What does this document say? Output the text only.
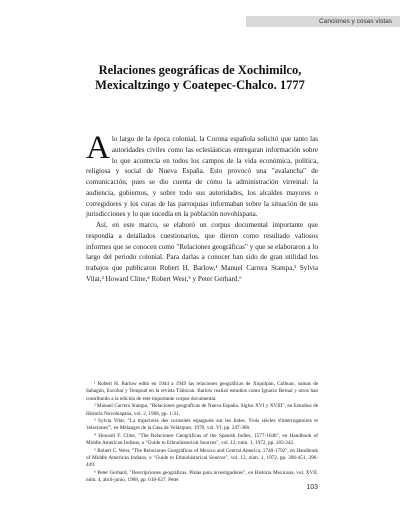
Canciones y cosas vistas
Relaciones geográficas de Xochimilco,
Mexicaltzingo y Coatepec-Chalco. 1777

Alo largo de la época colonial, la Corona española solicitó que tanto las autoridades civiles como las eclesiásticas entregaran información sobre lo que acontecía en todos los campos de la vida económica, política, religiosa y social de Nueva España. Esto provocó una "avalancha" de comunicación, pues se dio cuenta de cómo la administración virreinal: la audiencia, gobiernos, y sobre todo sus autoridades, los alcaldes mayores o corregidores y los curas de las parroquias informaban sobre la situación de sus jurisdicciones y lo que sucedía en la población novohispana.

Así, en este marco, se elaboró un corpus documental importante que respondía a detallados cuestionarios, que dieron como resultado valiosos informes que se conocen como "Relaciones geográficas" y que se elaboraron a lo largo del periodo colonial. Para darlas a conocer han sido de gran utilidad los trabajos que publicaron Robert H. Barlow,¹ Manuel Carrera Stampa,² Sylvia Vilar,³ Howard Cline,⁴ Robert West,⁵ y Peter Gerhard.⁶

¹ Robert H. Barlow editó en 1944 a 1949 las relaciones geográficas de Xiquilpan, Culhuac, sumas de Sahagún, Escobar y Tempoal en la revista Tlalocan. Barlow realizó estudios como Ignacio Bernal y otros han contribuido a la edición de este importante corpus documental.

² Manuel Carrera Stampa, "Relaciones geográficas de Nueva España. Siglos XVI y XVIII", en Estudios de Historia Novohispana, vol. 2, 1968, pp. 1-31.

³ Sylvia Vilar, "La trajectoire des curiosités espagnole sur les Indes. Trois siècles d'interrogatoires et 'relaciones'", en Mélanges de la Casa de Velázquez, 1970, vol. VI, pp. 247-306.

⁴ Howard F. Cline, "The Relaciones Geográficas of the Spanish Indies, 1577-1648", en Handbook of Middle American Indians, o "Guide to Ethnohistorical Sources", vol. 12, núm. 1, 1972, pp. 183-242.

⁵ Robert C. West, "The Relaciones Geográficas of Mexico and Central America, 1740-1792", en Handbook of Middle American Indians, o "Guide to Ethnohistorical Sources", vol. 12, núm. 1, 1972, pp. 396-451, 396-449.

⁶ Peter Gerhard, "Descripciones geográficas. Pistas para investigadores", en Historia Mexicana, vol. XVII, núm. 4, abril-junio, 1968, pp. 618-627. Peter

103
